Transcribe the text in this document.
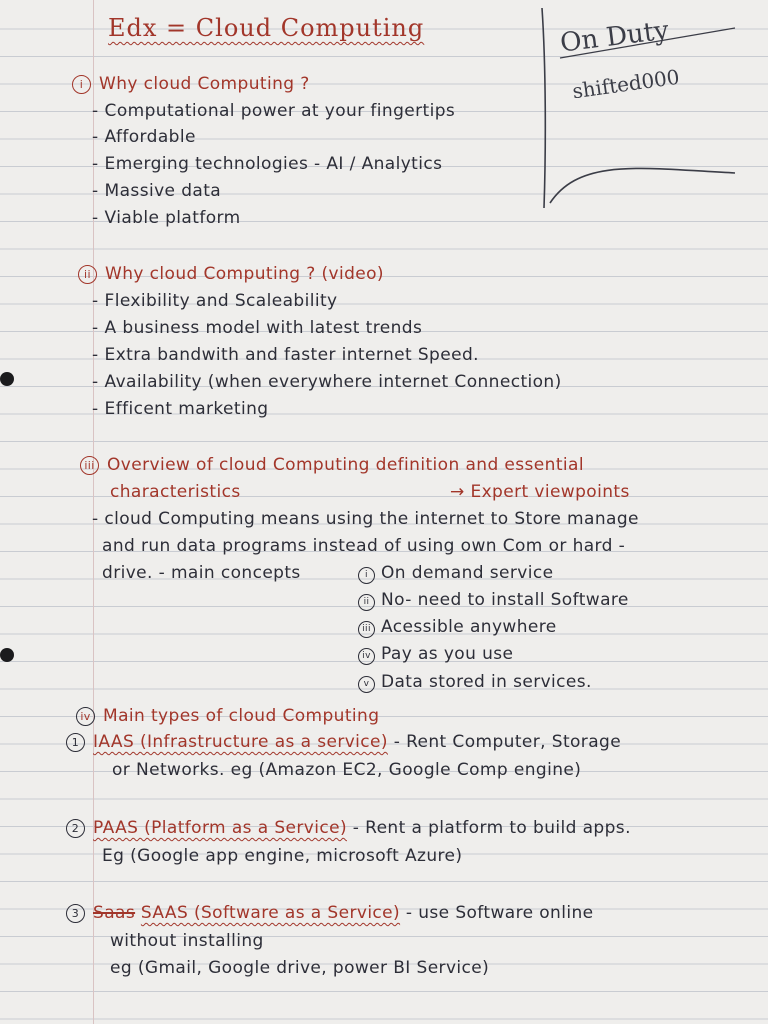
Edx = Cloud Computing	On Duty
shifted000
i Why cloud Computing ?
- Computational power at your fingertips
- Affordable
- Emerging technologies - AI / Analytics
- Massive data
- Viable platform
ii Why cloud Computing ? (video)
- Flexibility and Scaleability
- A business model with latest trends
- Extra bandwith and faster internet Speed.
- Availability (when everywhere internet Connection)
- Efficent marketing
iii Overview of cloud Computing definition and essential
characteristics	→ Expert viewpoints
- cloud Computing means using the internet to Store manage
and run data programs instead of using own Com or hard -
drive. - main concepts	i On demand service
ii No- need to install Software
iii Acessible anywhere
iv Pay as you use
v Data stored in services.
iv Main types of cloud Computing
1 IAAS (Infrastructure as a service) - Rent Computer, Storage
or Networks. eg (Amazon EC2, Google Comp engine)
2 PAAS (Platform as a Service) - Rent a platform to build apps.
Eg (Google app engine, microsoft Azure)
3 Saas SAAS (Software as a Service) - use Software online
without installing
eg (Gmail, Google drive, power BI Service)
